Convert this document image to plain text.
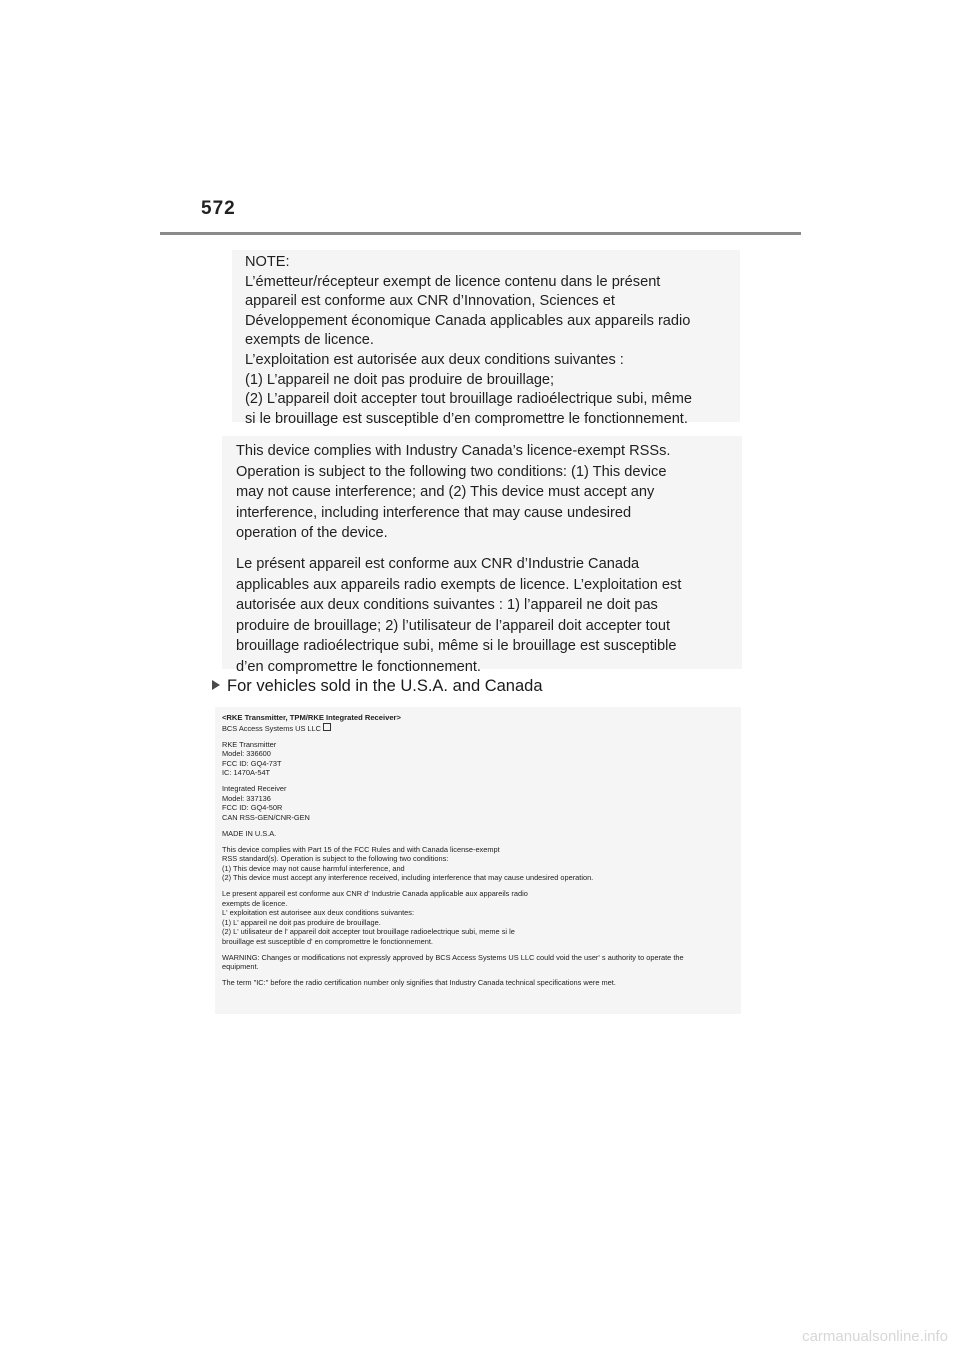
572
NOTE:
L’émetteur/récepteur exempt de licence contenu dans le présent
appareil est conforme aux CNR d’Innovation, Sciences et
Développement économique Canada applicables aux appareils radio
exempts de licence.
L’exploitation est autorisée aux deux conditions suivantes :
(1) L’appareil ne doit pas produire de brouillage;
(2) L’appareil doit accepter tout brouillage radioélectrique subi, même
si le brouillage est susceptible d’en compromettre le fonctionnement.
This device complies with Industry Canada’s licence-exempt RSSs.
Operation is subject to the following two conditions: (1) This device
may not cause interference; and (2) This device must accept any
interference, including interference that may cause undesired
operation of the device.
Le présent appareil est conforme aux CNR d’Industrie Canada
applicables aux appareils radio exempts de licence. L’exploitation est
autorisée aux deux conditions suivantes : 1) l’appareil ne doit pas
produire de brouillage; 2) l’utilisateur de l’appareil doit accepter tout
brouillage radioélectrique subi, même si le brouillage est susceptible
d’en compromettre le fonctionnement.
For vehicles sold in the U.S.A. and Canada
<RKE Transmitter, TPM/RKE Integrated Receiver>
BCS Access Systems US LLC
RKE Transmitter
Model: 336600
FCC ID: GQ4-73T
IC: 1470A-54T
Integrated Receiver
Model: 337136
FCC ID: GQ4-50R
CAN RSS-GEN/CNR-GEN
MADE IN U.S.A.
This device complies with Part 15 of the FCC Rules and with Canada license-exempt
RSS standard(s). Operation is subject to the following two conditions:
(1) This device may not cause harmful interference, and
(2) This device must accept any interference received, including interference that may cause undesired operation.
Le present appareil est conforme aux CNR d' Industrie Canada applicable aux appareils radio
exempts de licence.
L' exploitation est autorisee aux deux conditions suivantes:
(1) L' appareil ne doit pas produire de brouillage.
(2) L' utilisateur de l' appareil doit accepter tout brouillage radioelectrique subi, meme si le
brouillage est susceptible d' en compromettre le fonctionnement.
WARNING: Changes or modifications not expressly approved by BCS Access Systems US LLC could void the user' s authority to operate the
equipment.
The term "IC:" before the radio certification number only signifies that Industry Canada technical specifications were met.
carmanualsonline.info
